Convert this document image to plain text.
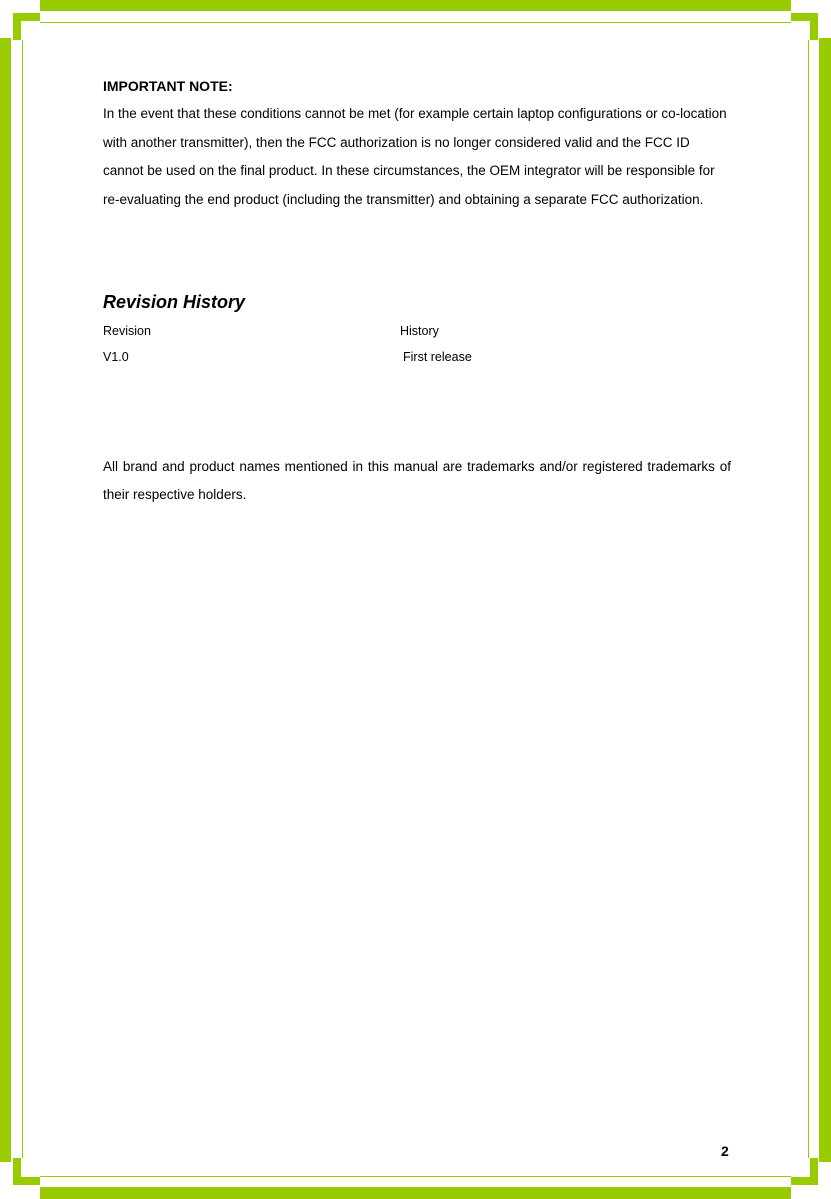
IMPORTANT NOTE:

In the event that these conditions cannot be met (for example certain laptop configurations or co-location with another transmitter), then the FCC authorization is no longer considered valid and the FCC ID cannot be used on the final product. In these circumstances, the OEM integrator will be responsible for re-evaluating the end product (including the transmitter) and obtaining a separate FCC authorization.

Revision History
Revision	History
V1.0	First release

All brand and product names mentioned in this manual are trademarks and/or registered trademarks of their respective holders.

2
